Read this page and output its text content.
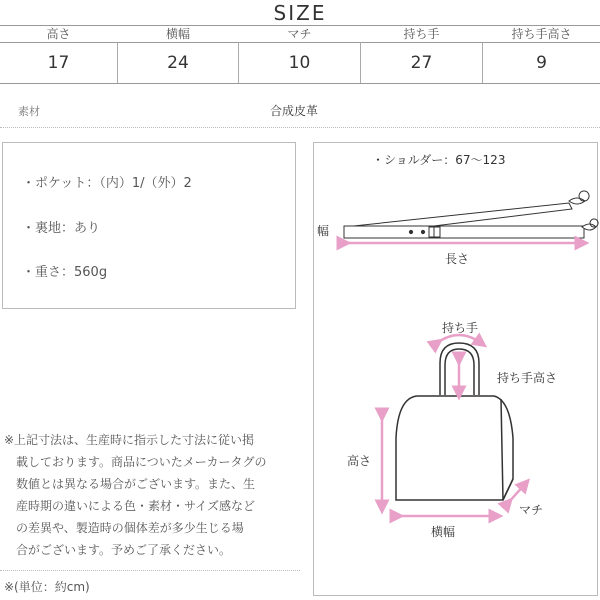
SIZE
高さ
17
横幅
24
マチ
10
持ち手
27
持ち手高さ
9
素材	合成皮革
・ポケット：（内）1/（外）2
・裏地：あり
・重さ：560g
※上記寸法は、生産時に指示した寸法に従い掲
　載しております。商品についたメーカータグの
　数値とは異なる場合がございます。また、生
　産時期の違いによる色・素材・サイズ感など
　の差異や、製造時の個体差が多少生じる場
　合がございます。予めご了承ください。
※(単位：約cm)
・ショルダー：67〜123
幅
長さ
持ち手
持ち手高さ
高さ
マチ
横幅
